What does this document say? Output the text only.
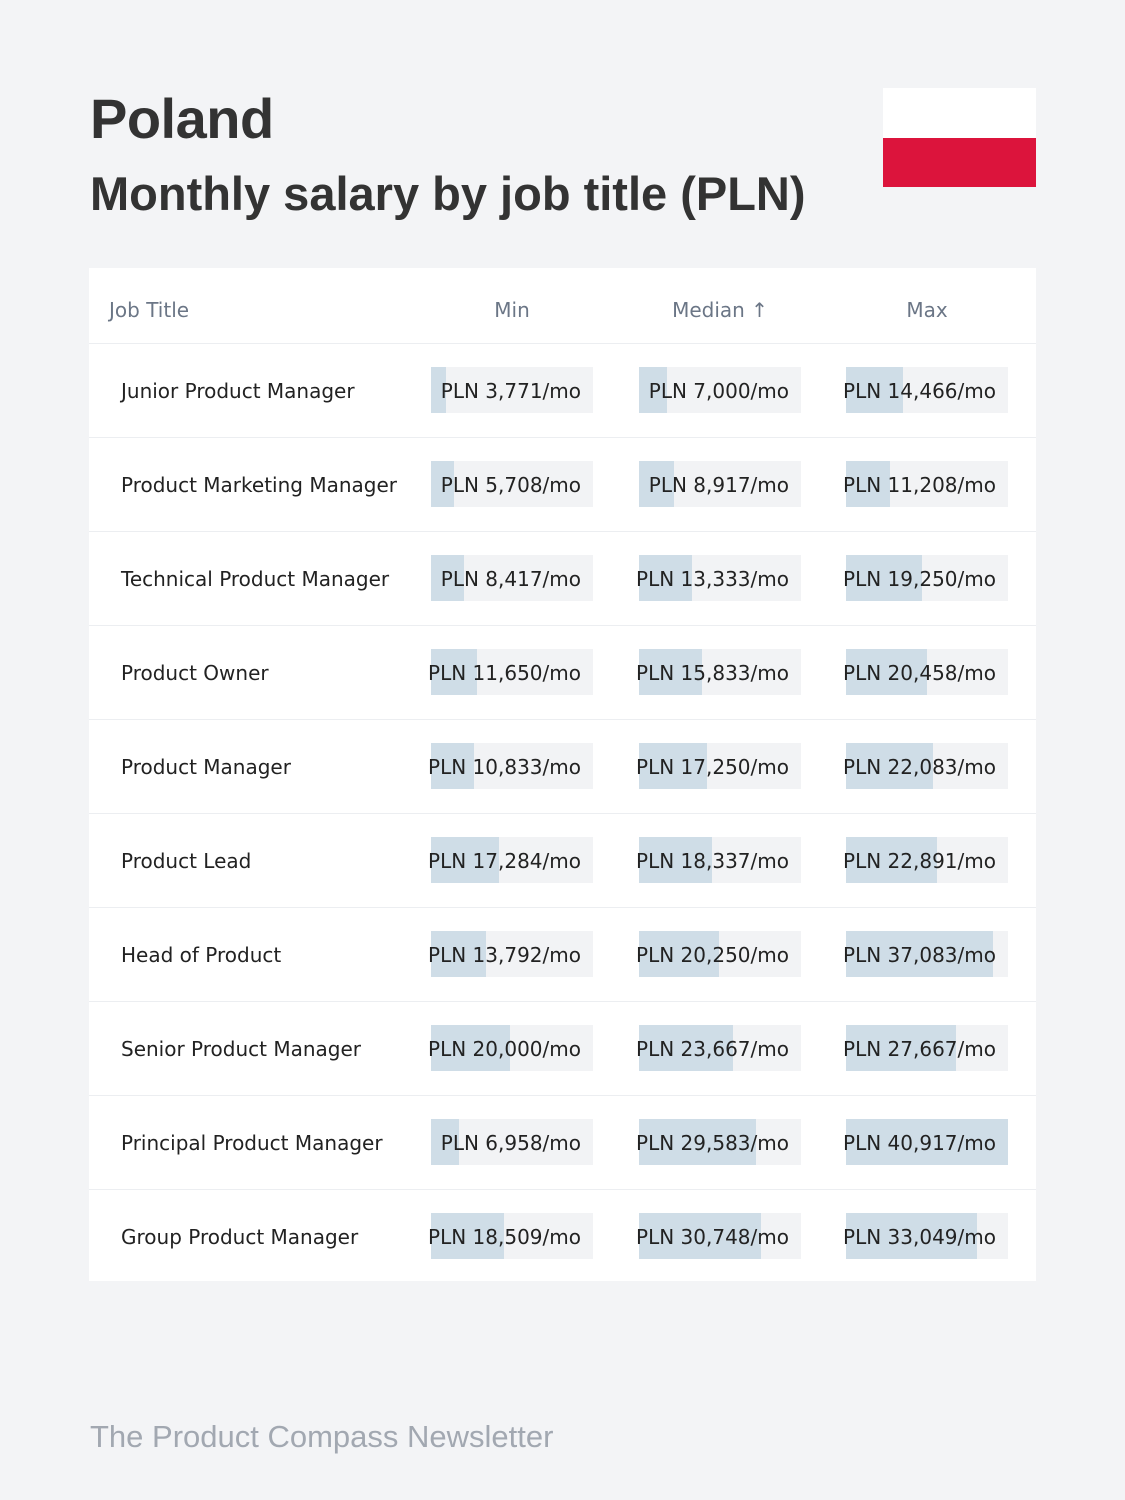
Poland
Monthly salary by job title (PLN)
Job Title	Min	Median ↑	Max
Junior Product Manager	PLN 3,771/mo	PLN 7,000/mo	PLN 14,466/mo
Product Marketing Manager PLN 5,708/mo	PLN 8,917/mo	PLN 11,208/mo
Technical Product Manager	PLN 8,417/mo	PLN 13,333/mo	PLN 19,250/mo
Product Owner	PLN 11,650/mo	PLN 15,833/mo	PLN 20,458/mo
Product Manager	PLN 10,833/mo	PLN 17,250/mo	PLN 22,083/mo
Product Lead	PLN 17,284/mo	PLN 18,337/mo	PLN 22,891/mo
Head of Product	PLN 13,792/mo	PLN 20,250/mo	PLN 37,083/mo
Senior Product Manager	PLN 20,000/mo	PLN 23,667/mo	PLN 27,667/mo
Principal Product Manager	PLN 6,958/mo	PLN 29,583/mo	PLN 40,917/mo
Group Product Manager	PLN 18,509/mo	PLN 30,748/mo	PLN 33,049/mo
The Product Compass Newsletter
